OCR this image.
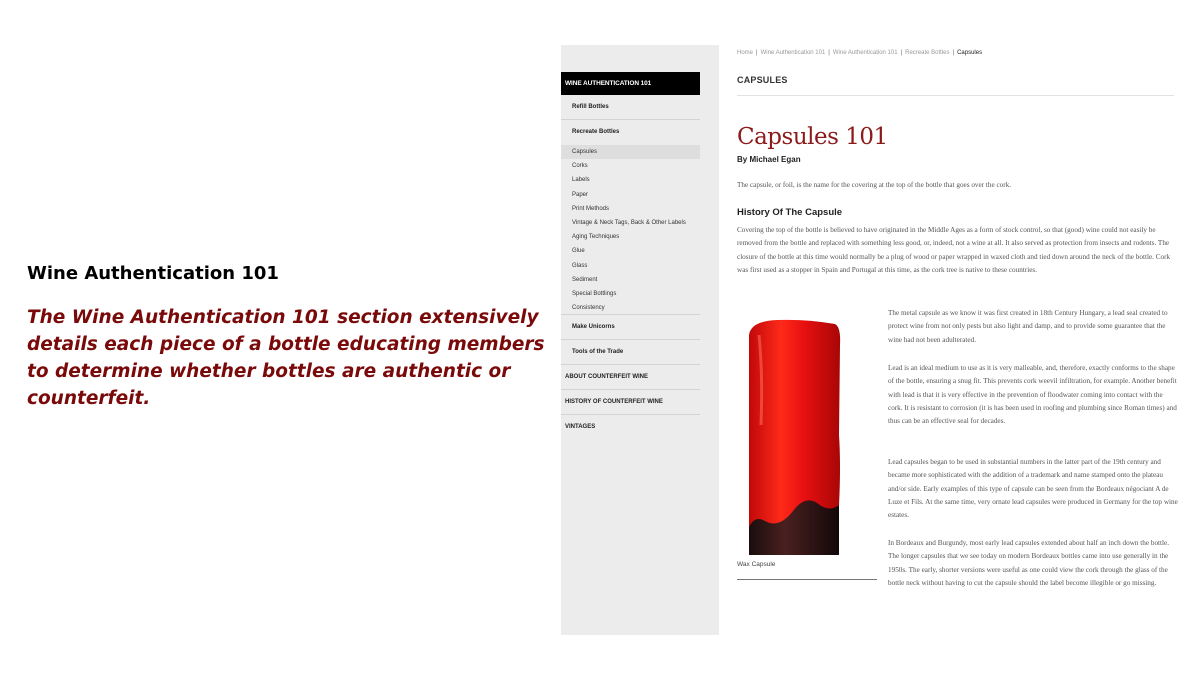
Wine Authentication 101
The Wine Authentication 101 section extensively details each piece of a bottle educating members to determine whether bottles are authentic or counterfeit.
WINE AUTHENTICATION 101
Refill Bottles
Recreate Bottles
Capsules
Corks
Labels
Paper
Print Methods
Vintage & Neck Tags, Back & Other Labels
Aging Techniques
Glue
Glass
Sediment
Special Bottlings
Consistency
Make Unicorns
Tools of the Trade
ABOUT COUNTERFEIT WINE
HISTORY OF COUNTERFEIT WINE
VINTAGES
Home | Wine Authentication 101 | Wine Authentication 101 | Recreate Bottles | Capsules
CAPSULES
Capsules 101
By Michael Egan
The capsule, or foil, is the name for the covering at the top of the bottle that goes over the cork.
History Of The Capsule
Covering the top of the bottle is believed to have originated in the Middle Ages as a form of stock control, so that (good) wine could not easily be removed from the bottle and replaced with something less good, or, indeed, not a wine at all. It also served as protection from insects and rodents. The closure of the bottle at this time would normally be a plug of wood or paper wrapped in waxed cloth and tied down around the neck of the bottle. Cork was first used as a stopper in Spain and Portugal at this time, as the cork tree is native to these countries.
Wax Capsule
The metal capsule as we know it was first created in 18th Century Hungary, a lead seal created to protect wine from not only pests but also light and damp, and to provide some guarantee that the wine had not been adulterated.
Lead is an ideal medium to use as it is very malleable, and, therefore, exactly conforms to the shape of the bottle, ensuring a snug fit. This prevents cork weevil infiltration, for example. Another benefit with lead is that it is very effective in the prevention of floodwater coming into contact with the cork. It is resistant to corrosion (it is has been used in roofing and plumbing since Roman times) and thus can be an effective seal for decades.
Lead capsules began to be used in substantial numbers in the latter part of the 19th century and became more sophisticated with the addition of a trademark and name stamped onto the plateau and/or side. Early examples of this type of capsule can be seen from the Bordeaux négociant A de Luze et Fils. At the same time, very ornate lead capsules were produced in Germany for the top wine estates.
In Bordeaux and Burgundy, most early lead capsules extended about half an inch down the bottle. The longer capsules that we see today on modern Bordeaux bottles came into use generally in the 1950s. The early, shorter versions were useful as one could view the cork through the glass of the bottle neck without having to cut the capsule should the label become illegible or go missing.
